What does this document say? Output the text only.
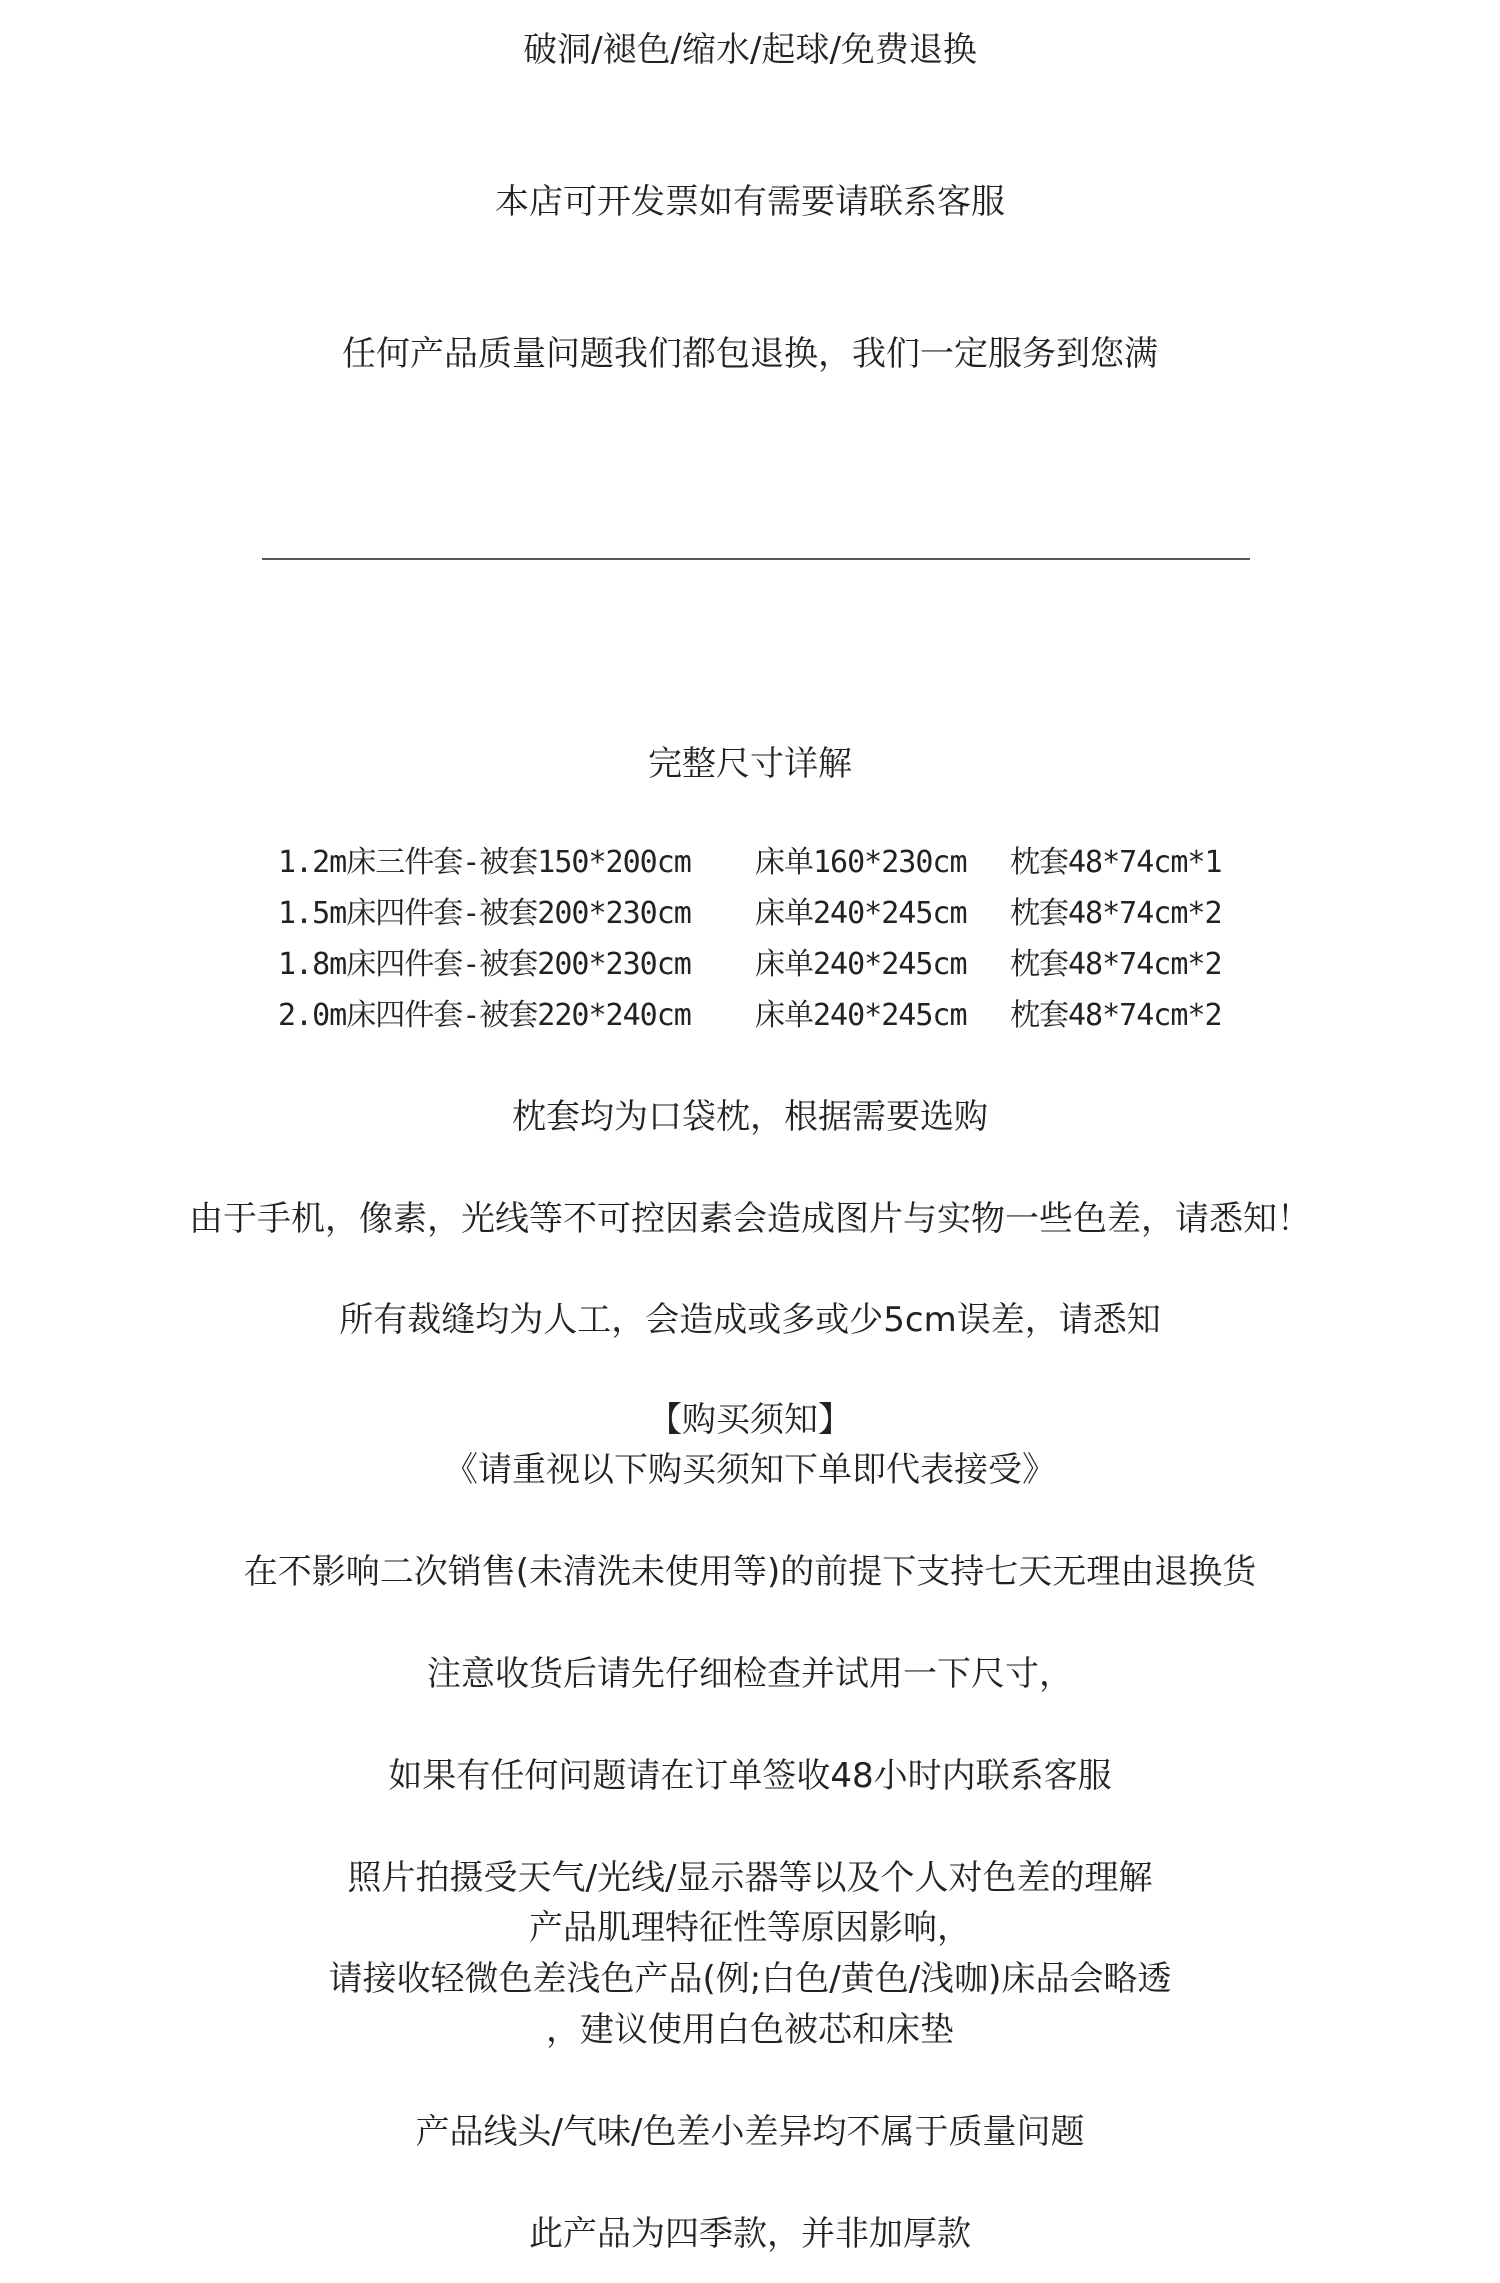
破洞/褪色/缩水/起球/免费退换
本店可开发票如有需要请联系客服
任何产品质量问题我们都包退换，我们一定服务到您满
完整尺寸详解
1.2m床三件套-被套150*200cm 床单160*230cm 枕套48*74cm*1
1.5m床四件套-被套200*230cm 床单240*245cm 枕套48*74cm*2
1.8m床四件套-被套200*230cm 床单240*245cm 枕套48*74cm*2
2.0m床四件套-被套220*240cm 床单240*245cm 枕套48*74cm*2
枕套均为口袋枕，根据需要选购
由于手机，像素，光线等不可控因素会造成图片与实物一些色差，请悉知！
所有裁缝均为人工，会造成或多或少5cm误差，请悉知
【购买须知】
《请重视以下购买须知下单即代表接受》
在不影响二次销售(未清洗未使用等)的前提下支持七天无理由退换货
注意收货后请先仔细检查并试用一下尺寸，
如果有任何问题请在订单签收48小时内联系客服
照片拍摄受天气/光线/显示器等以及个人对色差的理解
产品肌理特征性等原因影响，
请接收轻微色差浅色产品(例;白色/黄色/浅咖)床品会略透
，建议使用白色被芯和床垫
产品线头/气味/色差小差异均不属于质量问题
此产品为四季款，并非加厚款
